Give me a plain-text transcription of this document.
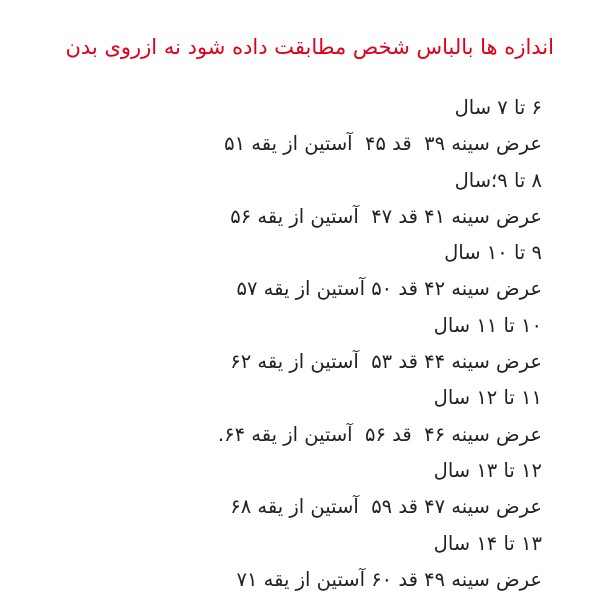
اندازه ها بالباس شخص مطابقت داده شود نه ازروی بدن
۶ تا ۷ سال
عرض سینه ۳۹  قد ۴۵  آستین از یقه ۵۱
۸ تا ۹؛سال
عرض سینه ۴۱ قد ۴۷  آستین از یقه ۵۶
۹ تا ۱۰ سال
عرض سینه ۴۲ قد ۵۰ آستین از یقه ۵۷
۱۰ تا ۱۱ سال
عرض سینه ۴۴ قد ۵۳  آستین از یقه ۶۲
۱۱ تا ۱۲ سال
عرض سینه ۴۶  قد ۵۶  آستین از یقه ۶۴.
۱۲ تا ۱۳ سال
عرض سینه ۴۷ قد ۵۹  آستین از یقه ۶۸
۱۳ تا ۱۴ سال
عرض سینه ۴۹ قد ۶۰ آستین از یقه ۷۱
